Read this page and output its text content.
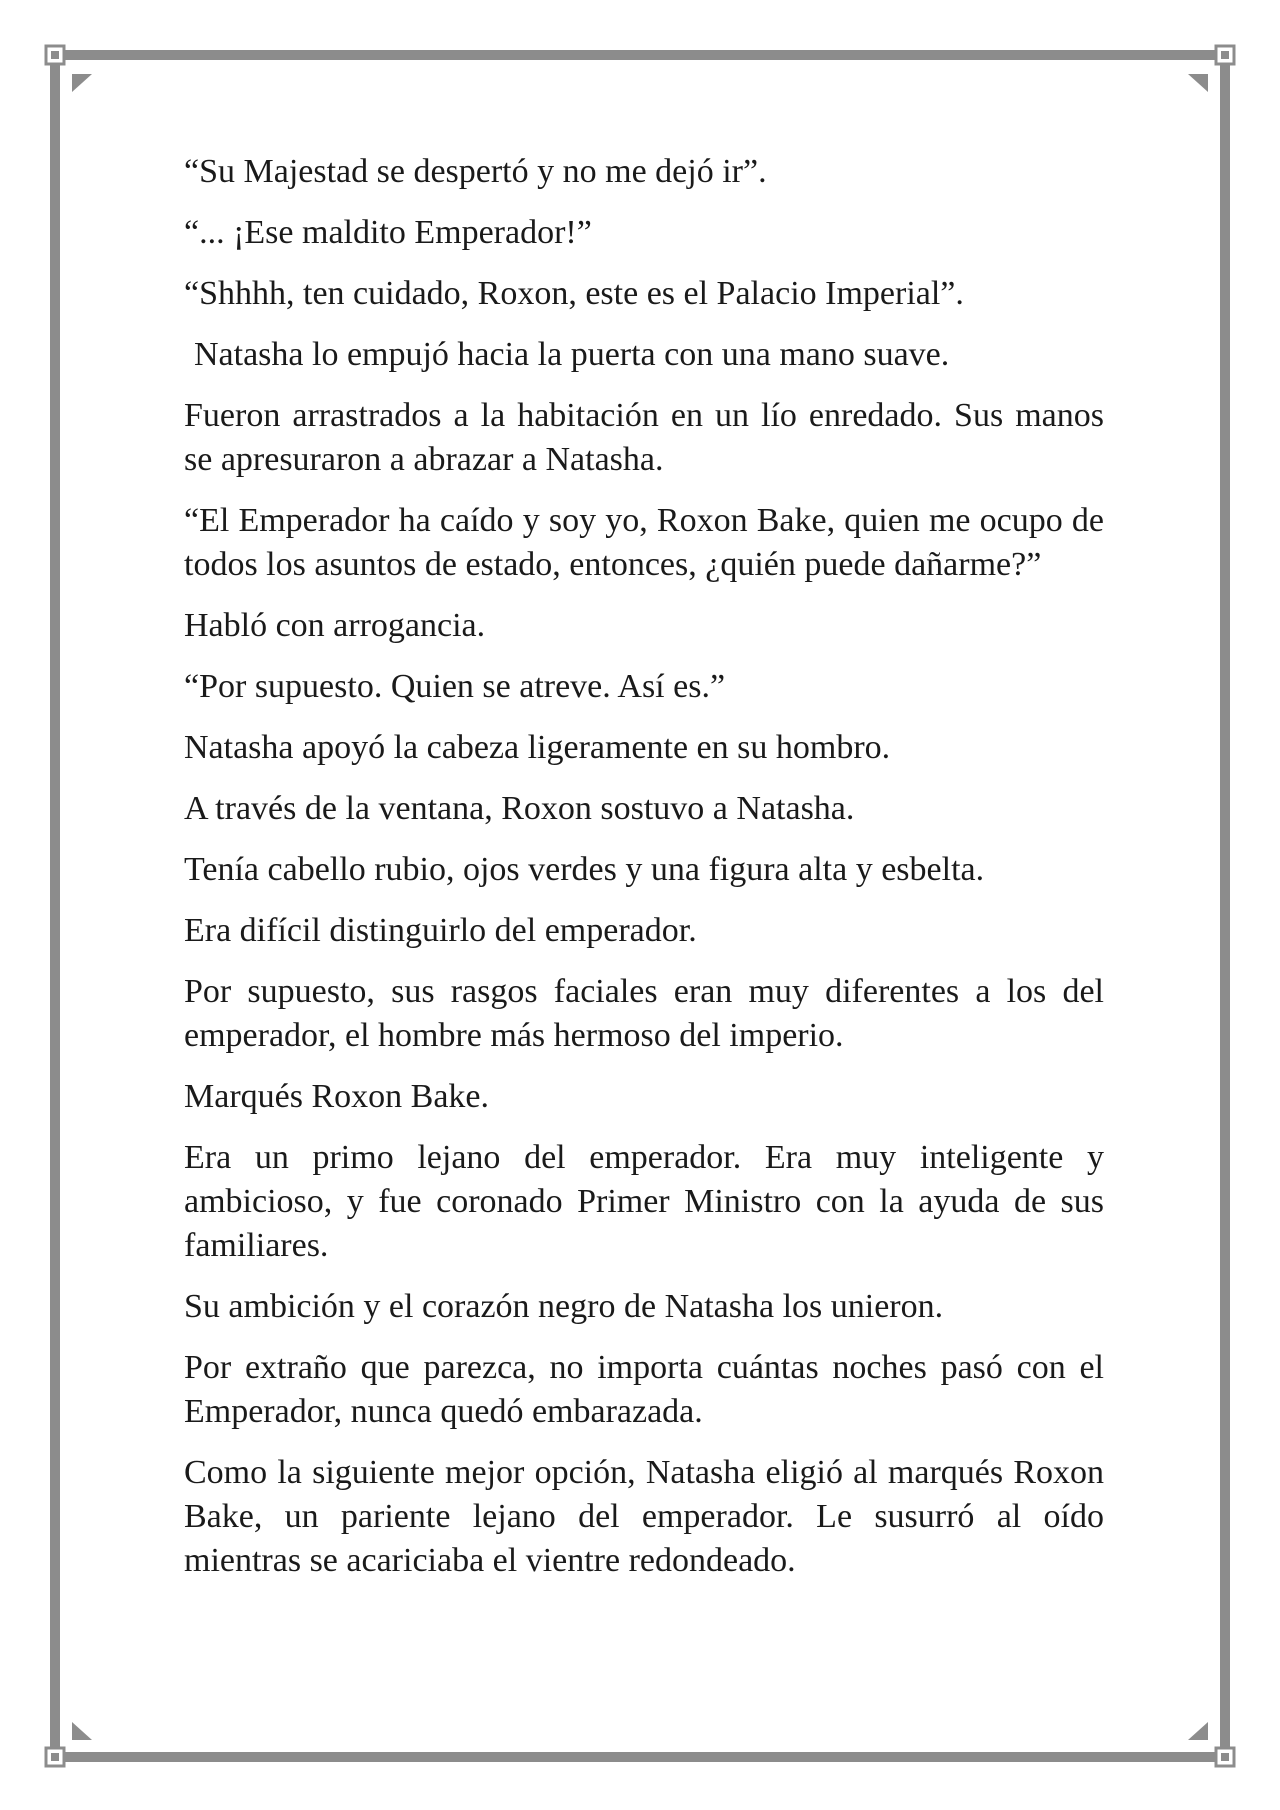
“Su Majestad se despertó y no me dejó ir”.

“... ¡Ese maldito Emperador!”

“Shhhh, ten cuidado, Roxon, este es el Palacio Imperial”.

Natasha lo empujó hacia la puerta con una mano suave.

Fueron arrastrados a la habitación en un lío enredado. Sus manos se apresuraron a abrazar a Natasha.

“El Emperador ha caído y soy yo, Roxon Bake, quien me ocupo de todos los asuntos de estado, entonces, ¿quién puede dañarme?”

Habló con arrogancia.

“Por supuesto. Quien se atreve. Así es.”

Natasha apoyó la cabeza ligeramente en su hombro.

A través de la ventana, Roxon sostuvo a Natasha.

Tenía cabello rubio, ojos verdes y una figura alta y esbelta.

Era difícil distinguirlo del emperador.

Por supuesto, sus rasgos faciales eran muy diferentes a los del emperador, el hombre más hermoso del imperio.

Marqués Roxon Bake.

Era un primo lejano del emperador. Era muy inteligente y ambicioso, y fue coronado Primer Ministro con la ayuda de sus familiares.

Su ambición y el corazón negro de Natasha los unieron.

Por extraño que parezca, no importa cuántas noches pasó con el Emperador, nunca quedó embarazada.

Como la siguiente mejor opción, Natasha eligió al marqués Roxon Bake, un pariente lejano del emperador. Le susurró al oído mientras se acariciaba el vientre redondeado.
